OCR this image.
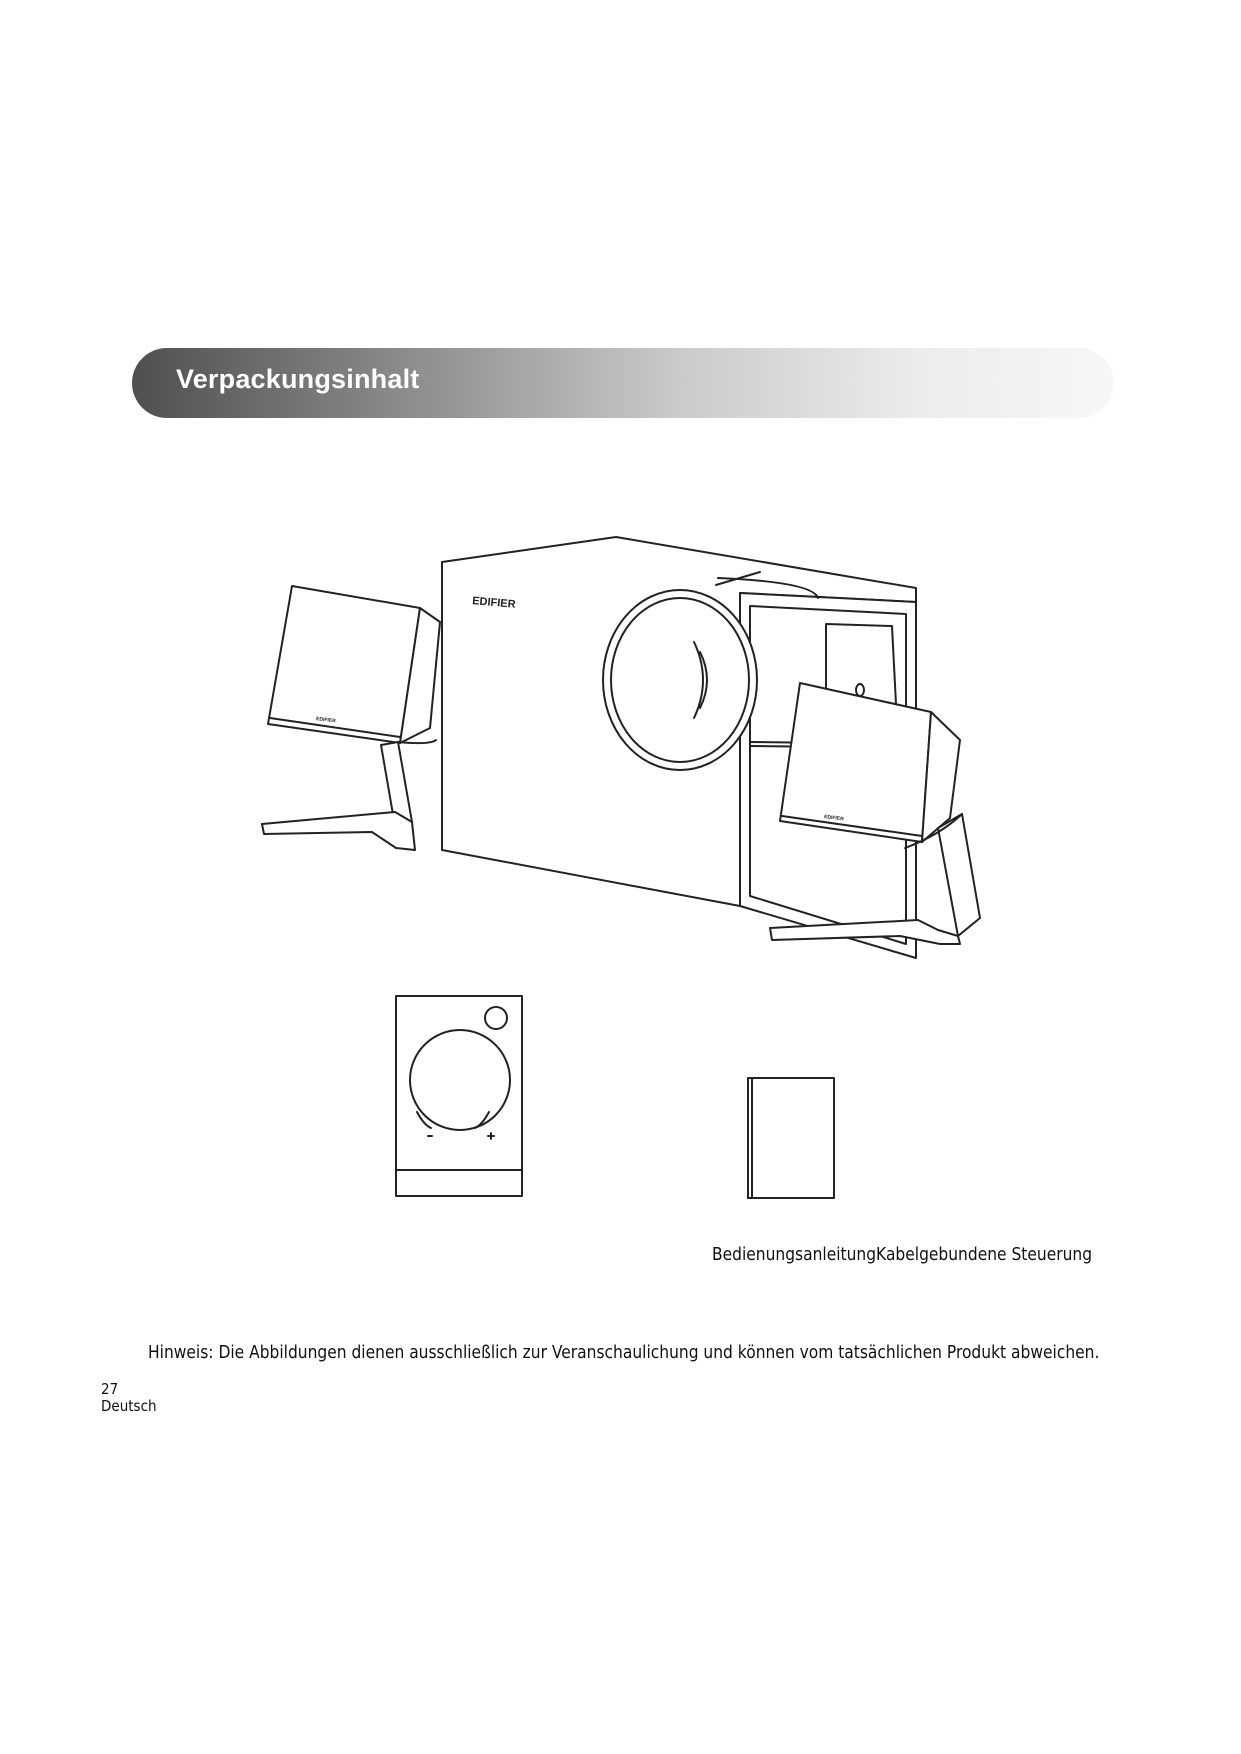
Verpackungsinhalt
EDIFIER
EDIFIER
EDIFIER
BedienungsanleitungKabelgebundene Steuerung
Hinweis: Die Abbildungen dienen ausschließlich zur Veranschaulichung und können vom tatsächlichen Produkt abweichen.
27
Deutsch
